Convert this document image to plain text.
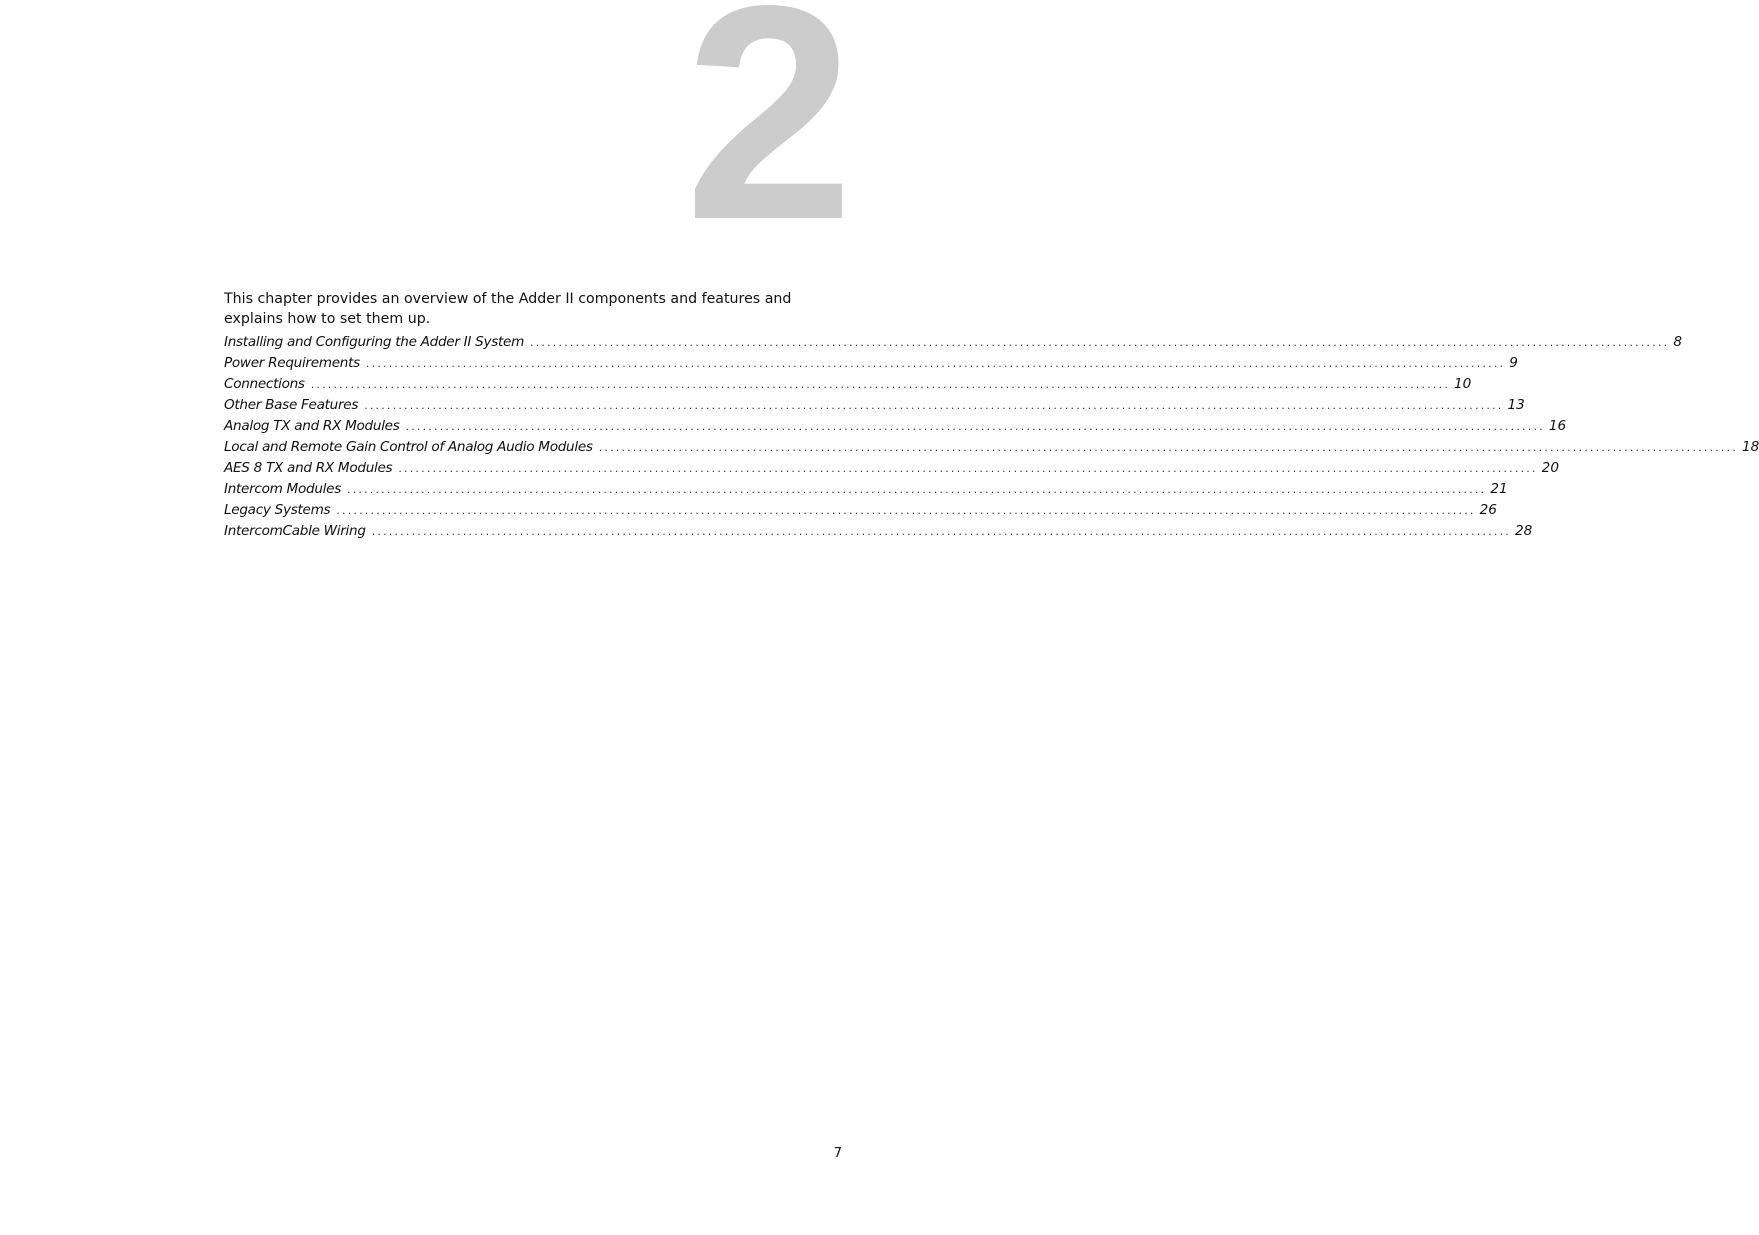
2

This chapter provides an overview of the Adder II components and features and explains how to set them up.

Installing and Configuring the Adder II System ........................................................................................................................................................................................................ 8
Power Requirements ........................................................................................................................................................................................................ 9
Connections ........................................................................................................................................................................................................ 10
Other Base Features ........................................................................................................................................................................................................ 13
Analog TX and RX Modules ........................................................................................................................................................................................................ 16
Local and Remote Gain Control of Analog Audio Modules ........................................................................................................................................................................................................ 18
AES 8 TX and RX Modules ........................................................................................................................................................................................................ 20
Intercom Modules ........................................................................................................................................................................................................ 21
Legacy Systems ........................................................................................................................................................................................................ 26
IntercomCable Wiring ........................................................................................................................................................................................................ 28

7
